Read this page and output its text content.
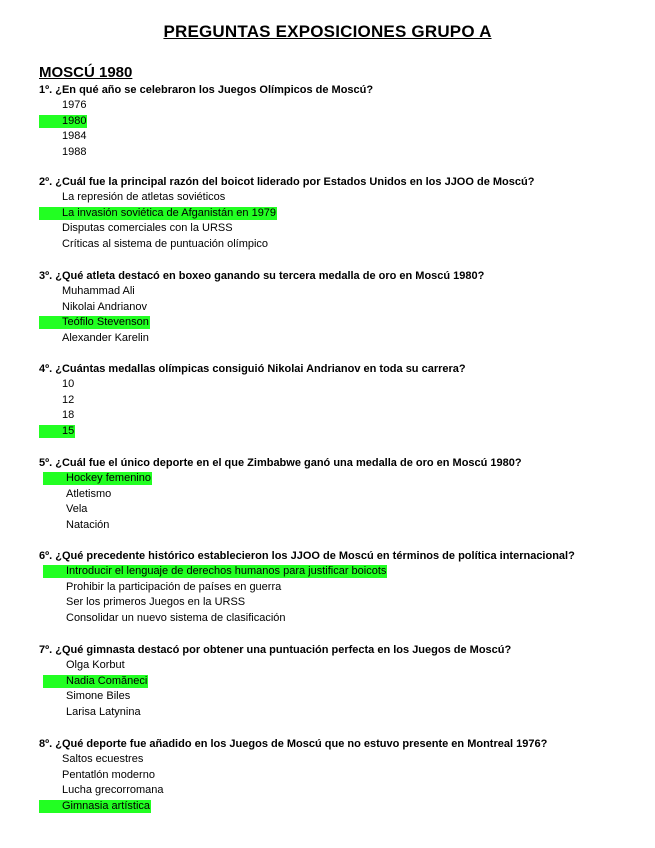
PREGUNTAS EXPOSICIONES GRUPO A
MOSCÚ 1980
1º. ¿En qué año se celebraron los Juegos Olímpicos de Moscú?
1976
1980
1984
1988
2º. ¿Cuál fue la principal razón del boicot liderado por Estados Unidos en los JJOO de Moscú?
La represión de atletas soviéticos
La invasión soviética de Afganistán en 1979
Disputas comerciales con la URSS
Críticas al sistema de puntuación olímpico
3º. ¿Qué atleta destacó en boxeo ganando su tercera medalla de oro en Moscú 1980?
Muhammad Ali
Nikolai Andrianov
Teófilo Stevenson
Alexander Karelin
4º. ¿Cuántas medallas olímpicas consiguió Nikolai Andrianov en toda su carrera?
10
12
18
15
5º. ¿Cuál fue el único deporte en el que Zimbabwe ganó una medalla de oro en Moscú 1980?
Hockey femenino
Atletismo
Vela
Natación
6º. ¿Qué precedente histórico establecieron los JJOO de Moscú en términos de política internacional?
Introducir el lenguaje de derechos humanos para justificar boicots
Prohibir la participación de países en guerra
Ser los primeros Juegos en la URSS
Consolidar un nuevo sistema de clasificación
7º. ¿Qué gimnasta destacó por obtener una puntuación perfecta en los Juegos de Moscú?
Olga Korbut
Nadia Comăneci
Simone Biles
Larisa Latynina
8º. ¿Qué deporte fue añadido en los Juegos de Moscú que no estuvo presente en Montreal 1976?
Saltos ecuestres
Pentatlón moderno
Lucha grecorromana
Gimnasia artística
